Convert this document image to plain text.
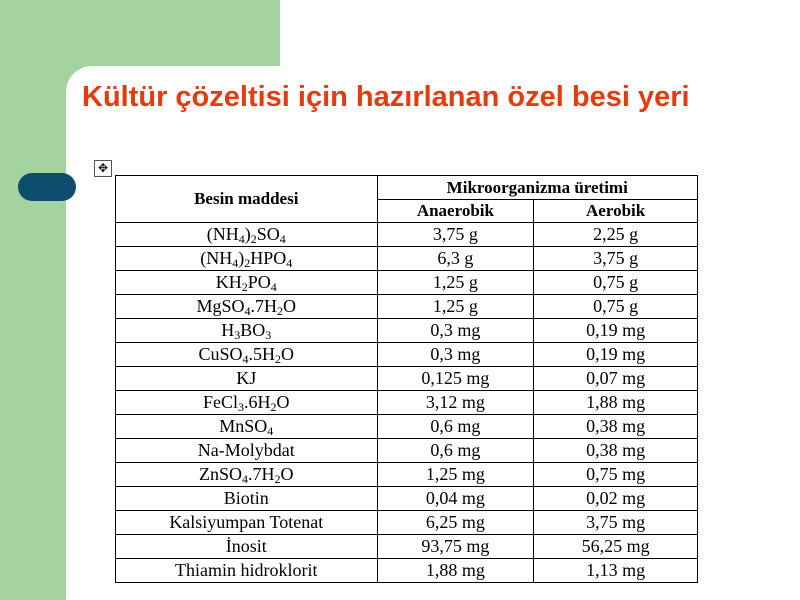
Kültür çözeltisi için hazırlanan özel besi yeri
✥
Besin maddesi	Mikroorganizma üretimi	
	Anaerobik	Aerobik
$(NH_4)_2SO_4$	3,75 g	2,25 g
$(NH_4)_2HPO_4$	6,3 g	3,75 g
$KH_2PO_4$	1,25 g	0,75 g
$MgSO_4.7H_2O$	1,25 g	0,75 g
$H_3BO_3$	0,3 mg	0,19 mg
$CuSO_4.5H_2O$	0,3 mg	0,19 mg
KJ	0,125 mg	0,07 mg
$FeCl_3.6H_2O$	3,12 mg	1,88 mg
MnSO$_4$	0,6 mg	0,38 mg
Na-Molybdat	0,6 mg	0,38 mg
$ZnSO_4.7H_2O$	1,25 mg	0,75 mg
Biotin	0,04 mg	0,02 mg
Kalsiyumpan Totenat	6,25 mg	3,75 mg
İnosit	93,75 mg	56,25 mg
Thiamin hidroklorit	1,88 mg	1,13 mg
